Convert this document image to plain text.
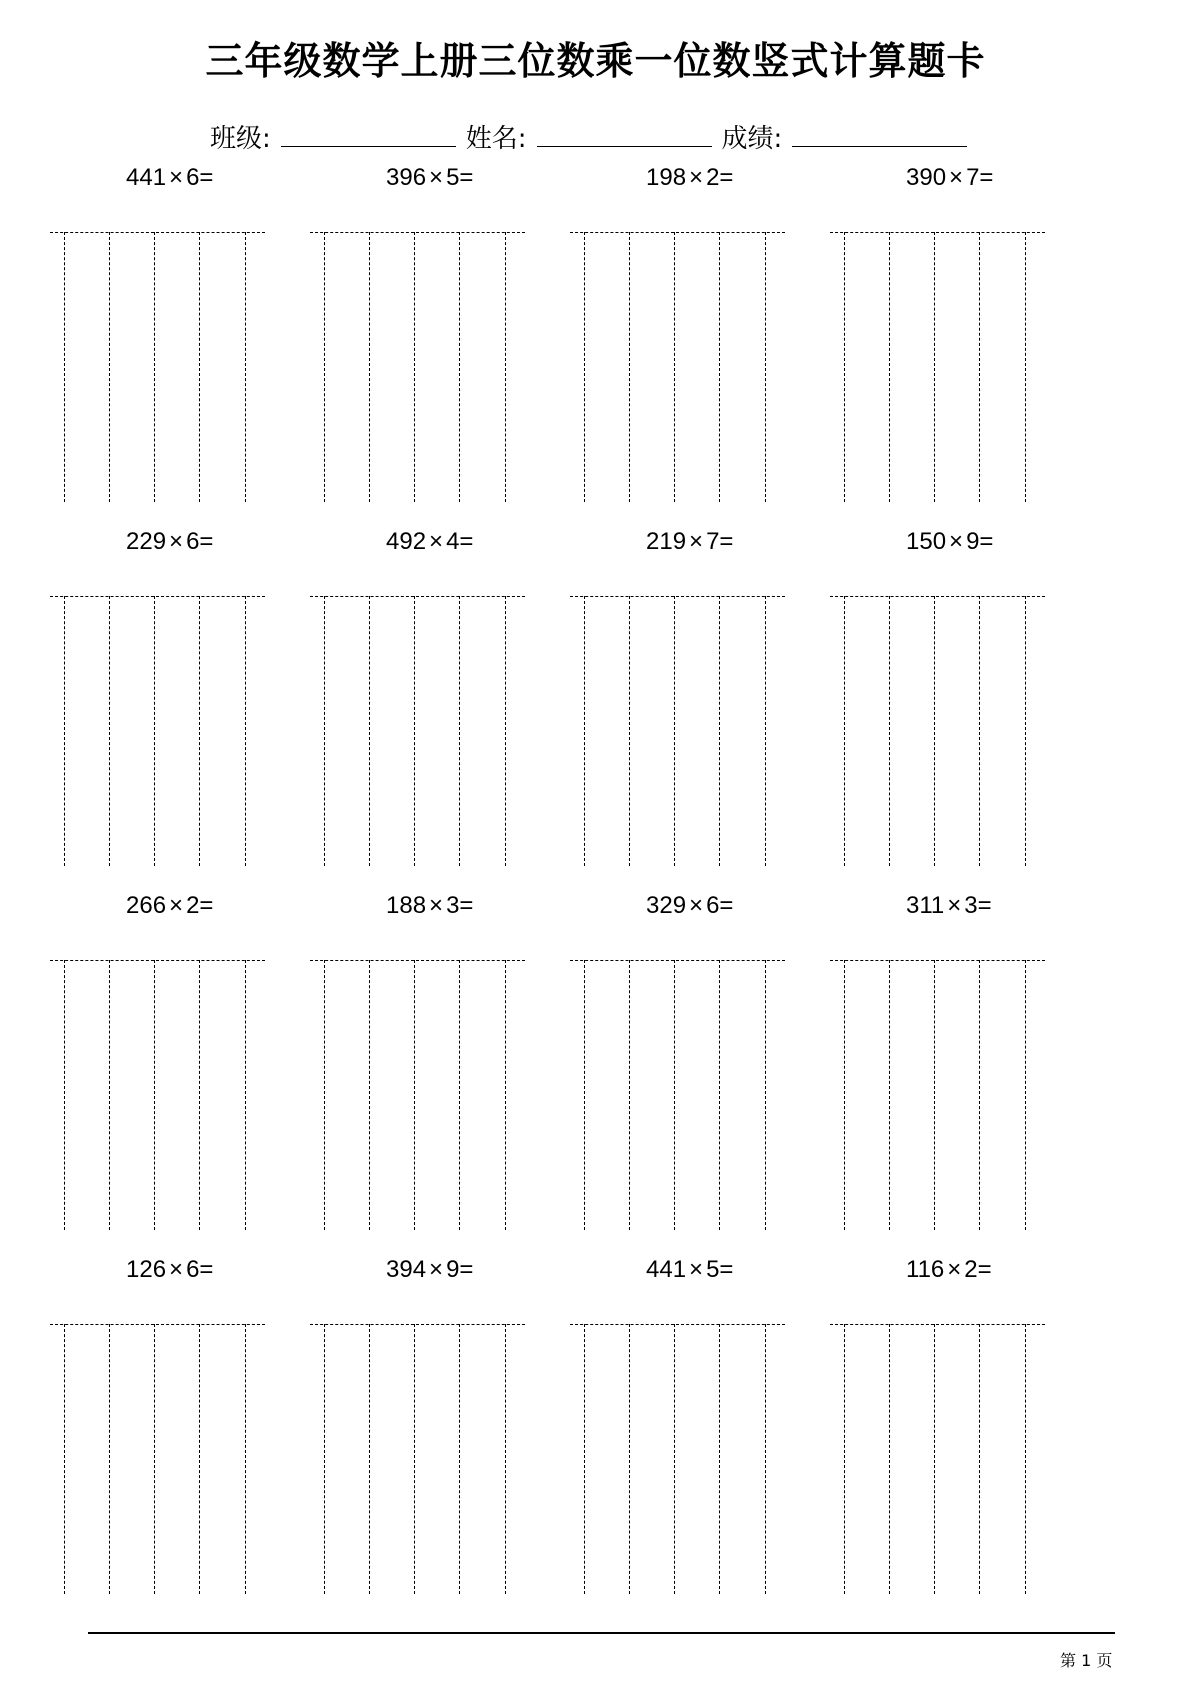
三年级数学上册三位数乘一位数竖式计算题卡
班级:	姓名:	成绩:
441 × 6=	396 × 5=	198 × 2=	390 × 7=
229 × 6=	492 × 4=	219 × 7=	150 × 9=
266 × 2=	188 × 3=	329 × 6=	311 × 3=
126 × 6=	394 × 9=	441 × 5=	116 × 2=
第 1 页
